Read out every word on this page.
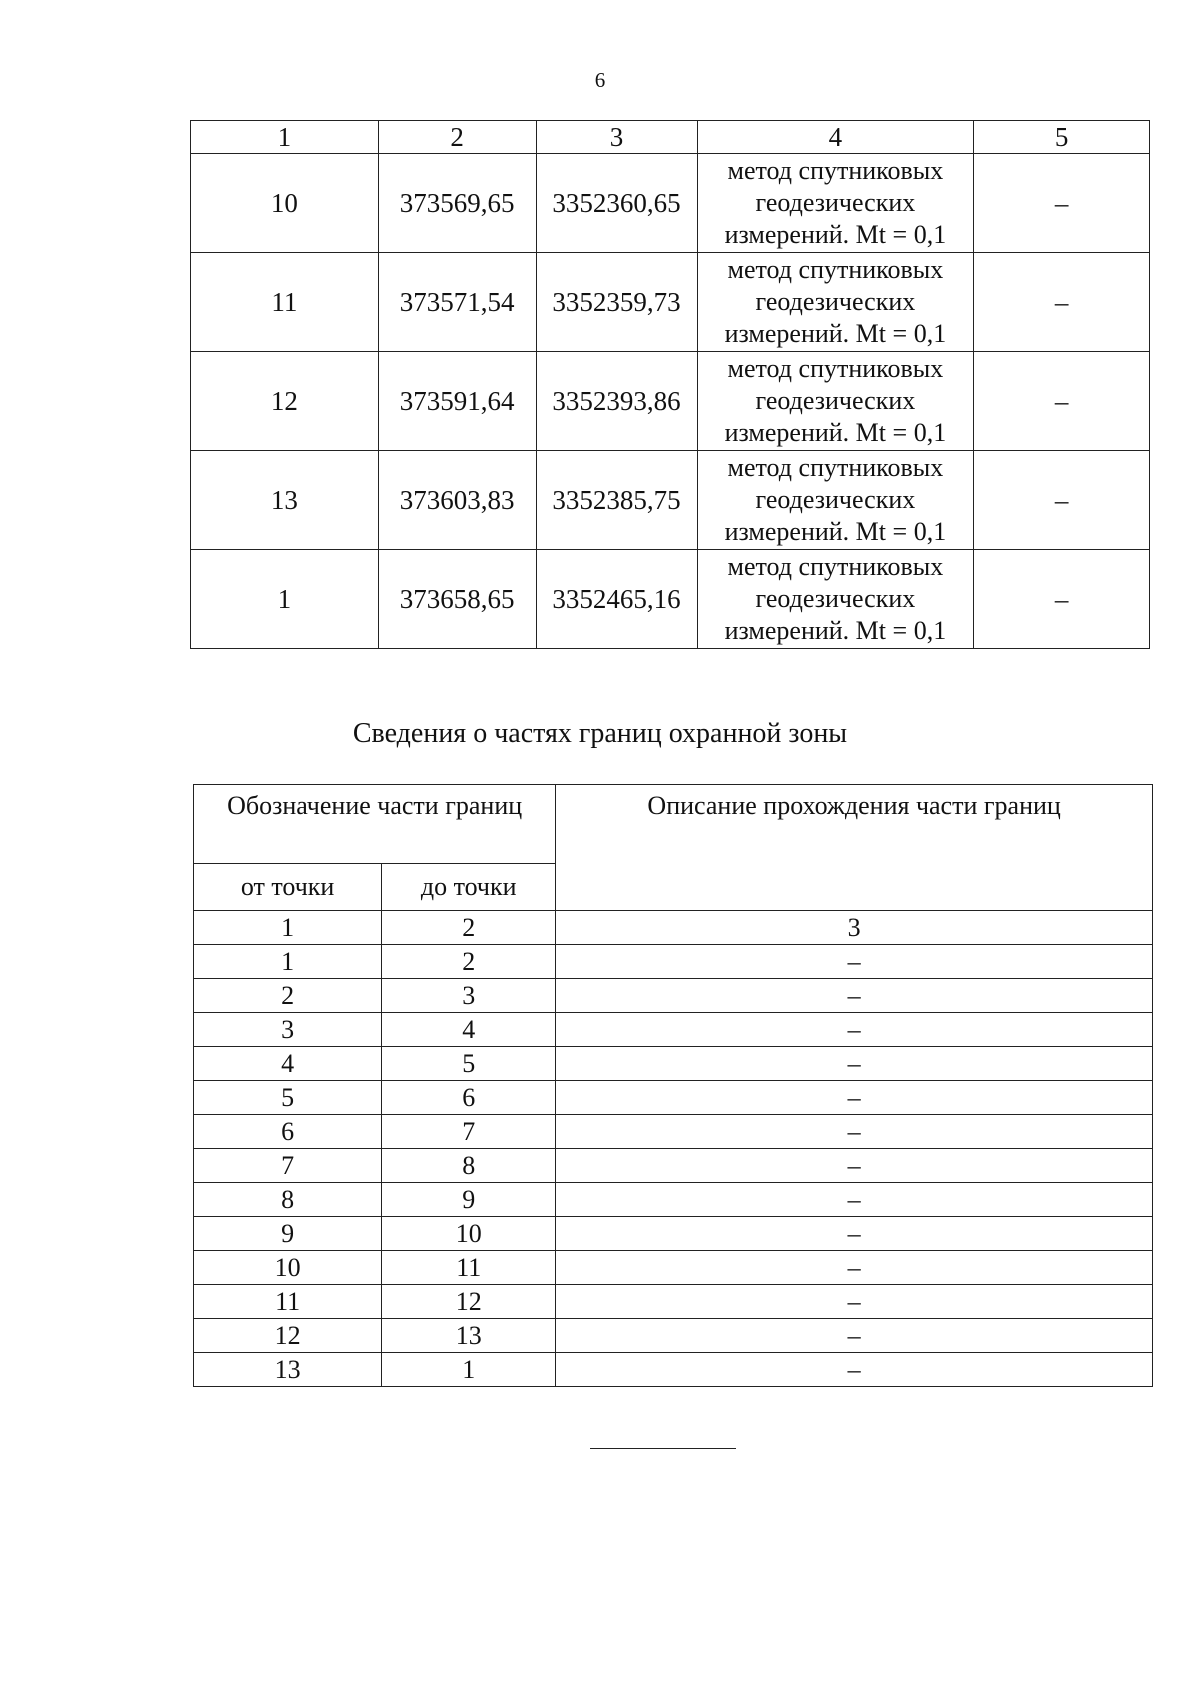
6
1	2	3	4	5
10	373569,65	3352360,65	метод спутниковых
геодезических
измерений. Mt = 0,1	–
11	373571,54	3352359,73	метод спутниковых
геодезических
измерений. Mt = 0,1	–
12	373591,64	3352393,86	метод спутниковых
геодезических
измерений. Mt = 0,1	–
13	373603,83	3352385,75	метод спутниковых
геодезических
измерений. Mt = 0,1	–
1	373658,65	3352465,16	метод спутниковых
геодезических
измерений. Mt = 0,1	–
Сведения о частях границ охранной зоны
Обозначение части границ		Описание прохождения части границ
от точки	до точки	
1	2	3
1	2	–
2	3	–
3	4	–
4	5	–
5	6	–
6	7	–
7	8	–
8	9	–
9	10	–
10	11	–
11	12	–
12	13	–
13	1	–
